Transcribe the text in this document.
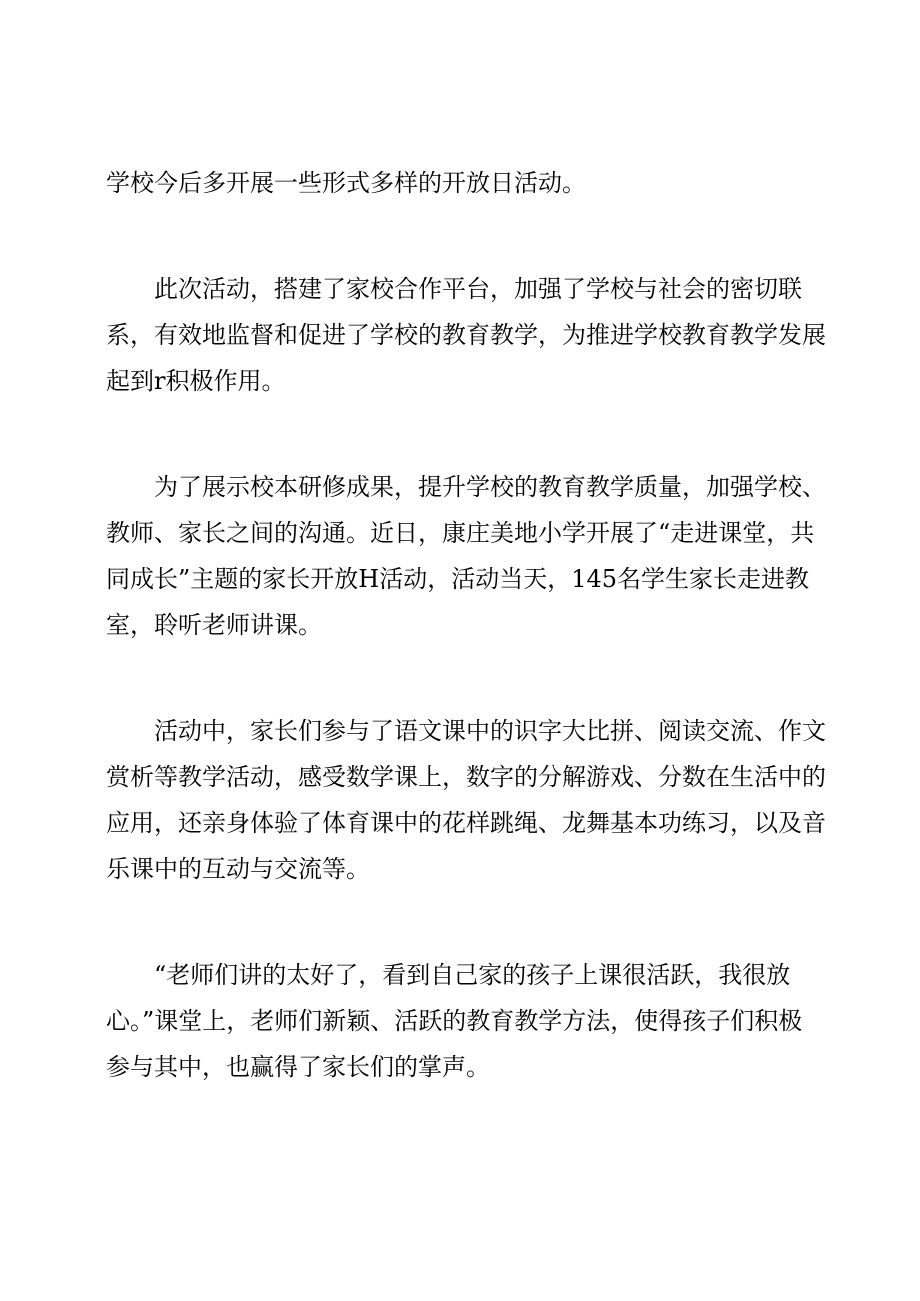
学校今后多开展一些形式多样的开放日活动。
　　此次活动，搭建了家校合作平台，加强了学校与社会的密切联
系，有效地监督和促进了学校的教育教学，为推进学校教育教学发展
起到r积极作用。
　　为了展示校本研修成果，提升学校的教育教学质量，加强学校、
教师、家长之间的沟通。近日，康庄美地小学开展了“走进课堂，共
同成长”主题的家长开放H活动，活动当天，145名学生家长走进教
室，聆听老师讲课。
　　活动中，家长们参与了语文课中的识字大比拼、阅读交流、作文
赏析等教学活动，感受数学课上，数字的分解游戏、分数在生活中的
应用，还亲身体验了体育课中的花样跳绳、龙舞基本功练习，以及音
乐课中的互动与交流等。
　　“老师们讲的太好了，看到自己家的孩子上课很活跃，我很放
心。”课堂上，老师们新颖、活跃的教育教学方法，使得孩子们积极
参与其中，也赢得了家长们的掌声。
